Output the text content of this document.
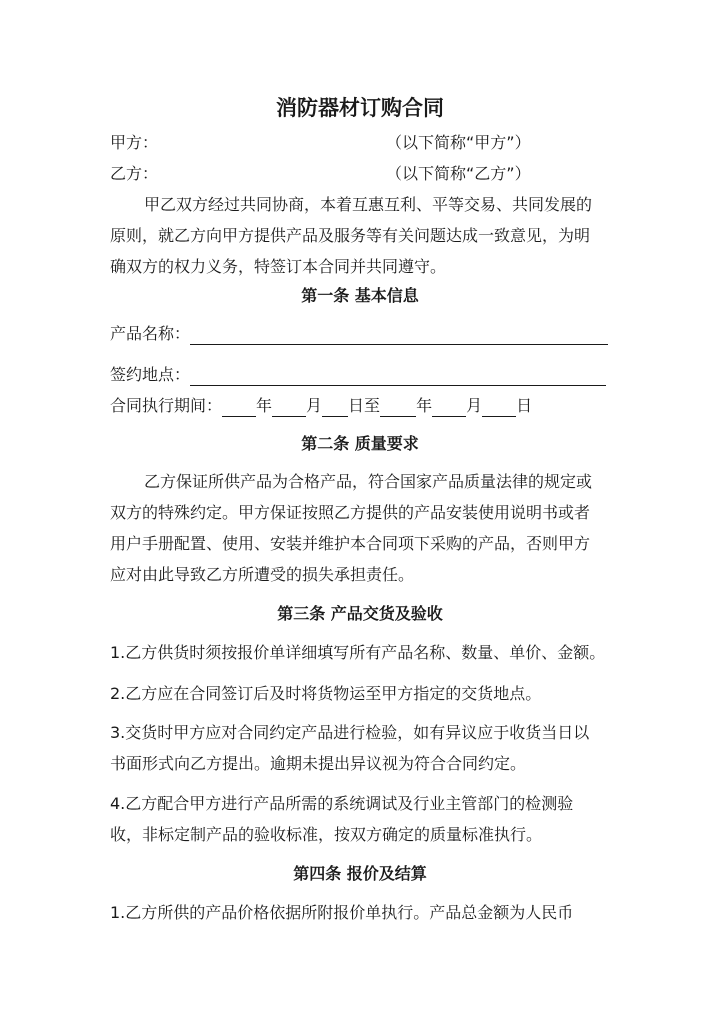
消防器材订购合同
甲方：	（以下简称“甲方”）
乙方：	（以下简称“乙方”）
甲乙双方经过共同协商，本着互惠互利、平等交易、共同发展的
原则，就乙方向甲方提供产品及服务等有关问题达成一致意见，为明
确双方的权力义务，特签订本合同并共同遵守。
第一条 基本信息
产品名称：
签约地点：
合同执行期间： 年 月 日至 年 月 日
第二条 质量要求
乙方保证所供产品为合格产品，符合国家产品质量法律的规定或
双方的特殊约定。甲方保证按照乙方提供的产品安装使用说明书或者
用户手册配置、使用、安装并维护本合同项下采购的产品，否则甲方
应对由此导致乙方所遭受的损失承担责任。
第三条 产品交货及验收
1.乙方供货时须按报价单详细填写所有产品名称、数量、单价、金额。
2.乙方应在合同签订后及时将货物运至甲方指定的交货地点。
3.交货时甲方应对合同约定产品进行检验，如有异议应于收货当日以
书面形式向乙方提出。逾期未提出异议视为符合合同约定。
4.乙方配合甲方进行产品所需的系统调试及行业主管部门的检测验
收，非标定制产品的验收标准，按双方确定的质量标准执行。
第四条 报价及结算
1.乙方所供的产品价格依据所附报价单执行。产品总金额为人民币
